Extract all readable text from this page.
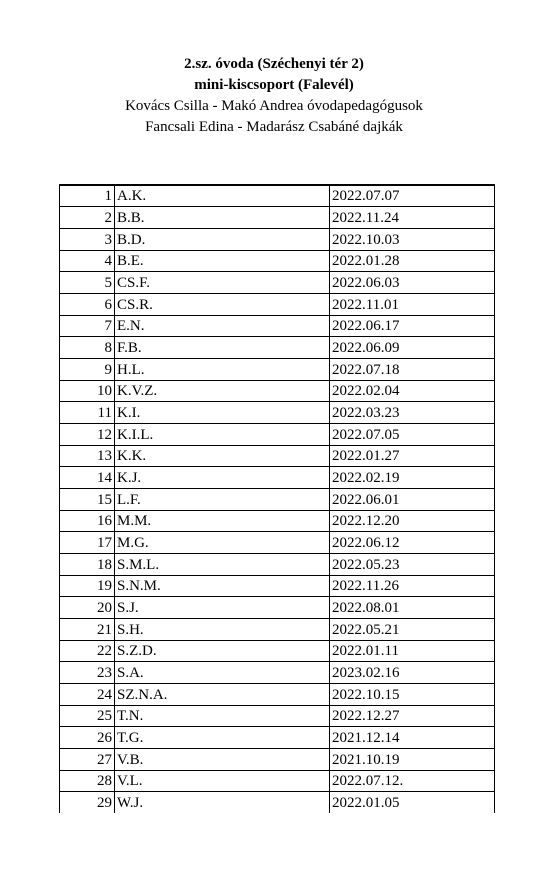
2.sz. óvoda (Széchenyi tér 2)
mini-kiscsoport (Falevél)
Kovács Csilla - Makó Andrea óvodapedagógusok
Fancsali Edina - Madarász Csabáné dajkák
1	A.K.	2022.07.07
2	B.B.	2022.11.24
3	B.D.	2022.10.03
4	B.E.	2022.01.28
5	CS.F.	2022.06.03
6	CS.R.	2022.11.01
7	E.N.	2022.06.17
8	F.B.	2022.06.09
9	H.L.	2022.07.18
10	K.V.Z.	2022.02.04
11	K.I.	2022.03.23
12	K.I.L.	2022.07.05
13	K.K.	2022.01.27
14	K.J.	2022.02.19
15	L.F.	2022.06.01
16	M.M.	2022.12.20
17	M.G.	2022.06.12
18	S.M.L.	2022.05.23
19	S.N.M.	2022.11.26
20	S.J.	2022.08.01
21	S.H.	2022.05.21
22	S.Z.D.	2022.01.11
23	S.A.	2023.02.16
24	SZ.N.A.	2022.10.15
25	T.N.	2022.12.27
26	T.G.	2021.12.14
27	V.B.	2021.10.19
28	V.L.	2022.07.12.
29	W.J.	2022.01.05
